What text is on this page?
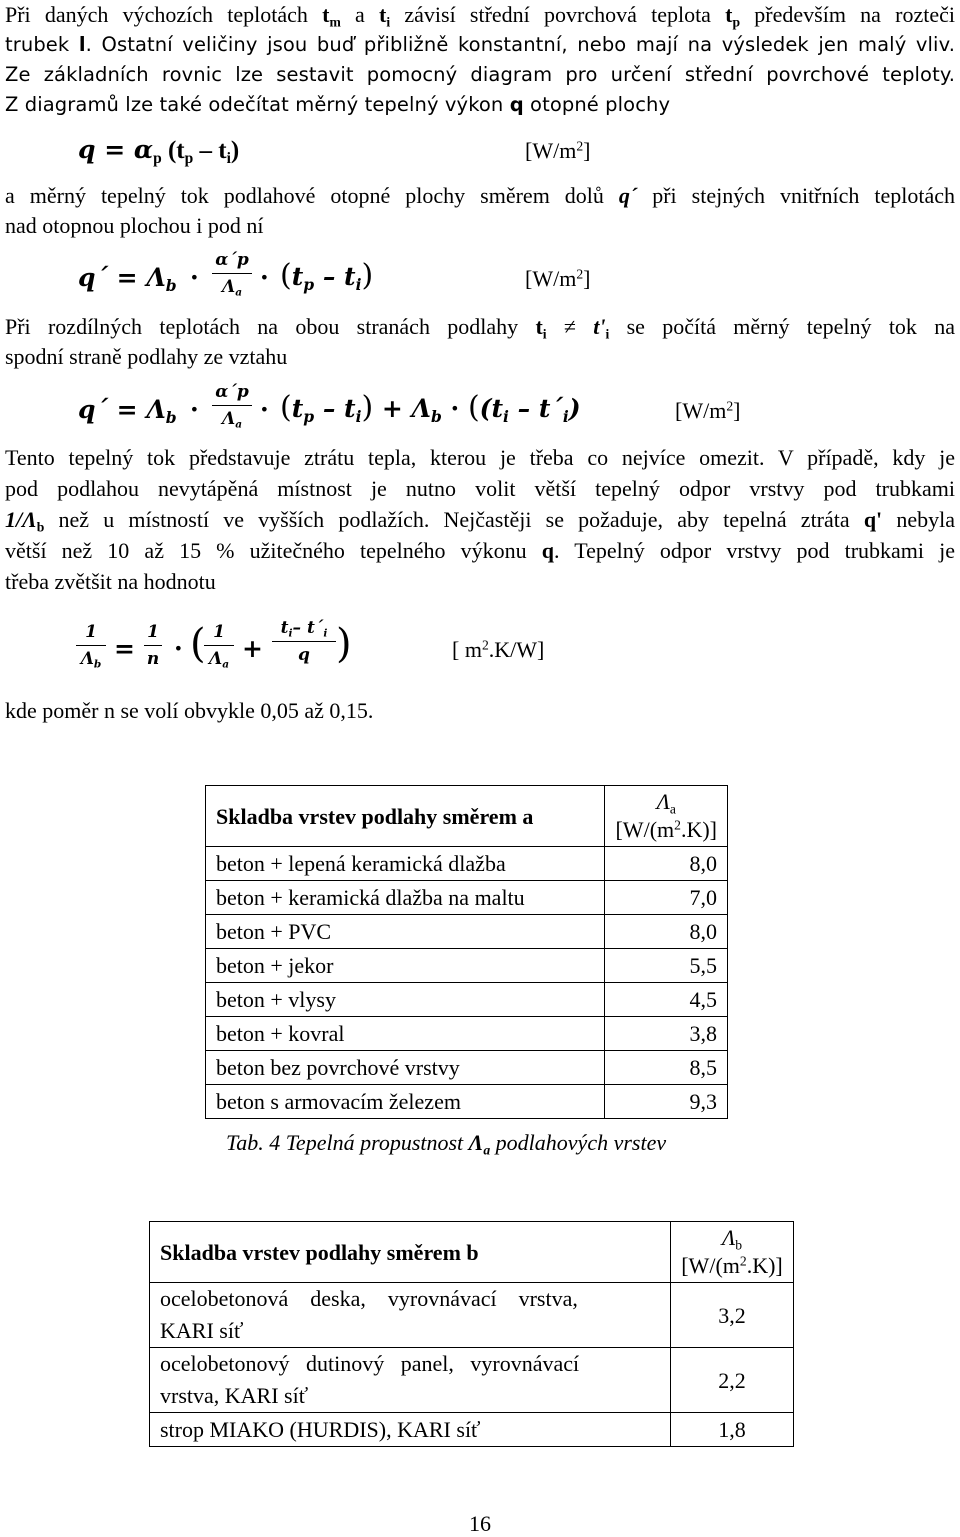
Při daných výchozích teplotách $t_m$ a $t_i$ závisí střední povrchová teplota $t_p$ především na rozteči
trubek l. Ostatní veličiny jsou buď přibližně konstantní, nebo mají na výsledek jen malý vliv.
Ze základních rovnic lze sestavit pomocný diagram pro určení střední povrchové teploty.
Z diagramů lze také odečítat měrný tepelný výkon q otopné plochy
$q = \alpha_p$ $(t_p - t_i)$	$[W/m^2]$
a měrný tepelný tok podlahové otopné plochy směrem dolů q´ při stejných vnitřních teplotách
nad otopnou plochou i pod ní
q´ = $\Lambda_b$ ·
α´p
$\Lambda_a$
· $(t_p - t_i)$	$[W/m^2]$
Při rozdílných teplotách na obou stranách podlahy $t_i \ne t'_i$ se počítá měrný tepelný tok na
spodní straně podlahy ze vztahu
q´ = $\Lambda_b$ ·
α´p
$\Lambda_a$
· $(t_p - t_i) + \Lambda_b \cdot ((t_i$ – $t´_i$)	$[W/m^2]$
Tento tepelný tok představuje ztrátu tepla, kterou je třeba co nejvíce omezit. V případě, kdy je
pod podlahou nevytápěná místnost je nutno volit větší tepelný odpor vrstvy pod trubkami
$1/\Lambda_b$ než u místností ve vyšších podlažích. Nejčastěji se požaduje, aby tepelná ztráta q' nebyla
větší než 10 až 15 % užitečného tepelného výkonu q. Tepelný odpor vrstvy pod trubkami je
třeba zvětšit na hodnotu
1
$\Lambda_b$
=
1
n · ( 1
$\Lambda_a$
+
$t_i-$ $t´_i$
q )	[ $m^2.K/W$]
kde poměr n se volí obvykle 0,05 až 0,15.
Skladba vrstev podlahy směrem a	$\Lambda_a$
$[W/(m^2.K)]$
beton + lepená keramická dlažba	8,0
beton + keramická dlažba na maltu	7,0
beton + PVC	8,0
beton + jekor	5,5
beton + vlysy	4,5
beton + kovral	3,8
beton bez povrchové vrstvy	8,5
beton s armovacím železem	9,3
Tab. 4 Tepelná propustnost $\Lambda_a$ podlahových vrstev
Skladba vrstev podlahy směrem b	$\Lambda_b$
$[W/(m^2.K)]$

ocelobetonová    deska,    vyrovnávací    vrstva,
KARI síť	3,2

ocelobetonový   dutinový   panel,   vyrovnávací
vrstva, KARI síť	2,2
strop MIAKO (HURDIS), KARI síť	1,8
16
